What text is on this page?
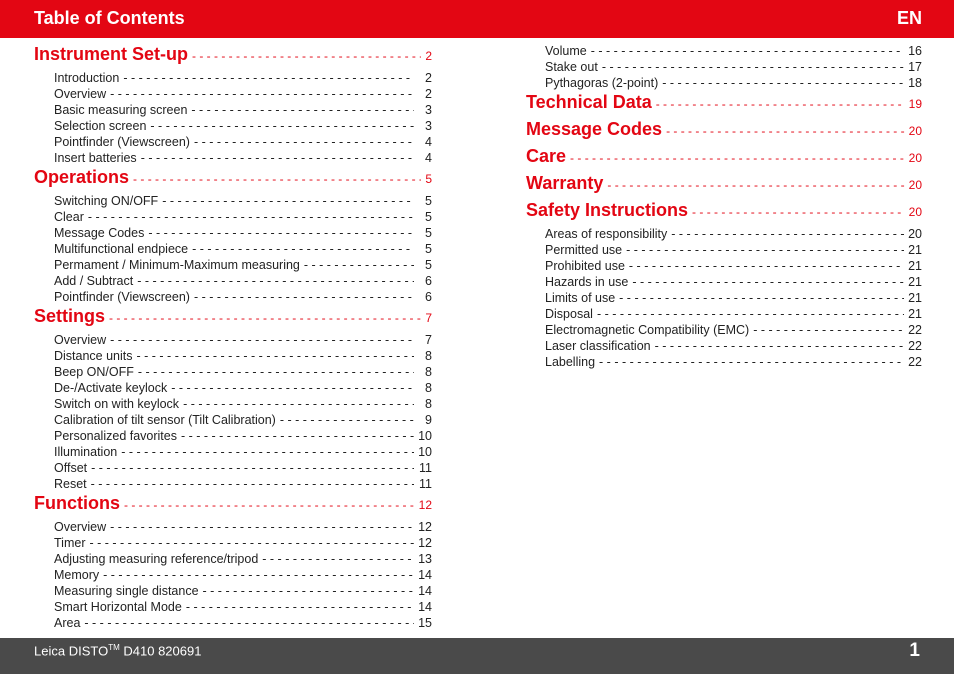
Table of Contents	EN
Instrument Set-up - - -	2
Introduction - - -	2
Overview - - -	2
Basic measuring screen - - -	3
Selection screen - - -	3
Pointfinder (Viewscreen) - - -	4
Insert batteries - - -	4
Operations - - -	5
Switching ON/OFF - - -	5
Clear - - -	5
Message Codes - - -	5
Multifunctional endpiece - - -	5
Permament / Minimum-Maximum measuring - - -	5
Add / Subtract - - -	6
Pointfinder (Viewscreen) - - -	6
Settings - - -	7
Overview - - -	7
Distance units - - -	8
Beep ON/OFF - - -	8
De-/Activate keylock - - -	8
Switch on with keylock - - -	8
Calibration of tilt sensor (Tilt Calibration) - - -	9
Personalized favorites - - -	10
Illumination - - -	10
Offset - - -	11
Reset - - -	11
Functions - - -	12
Overview - - -	12
Timer - - -	12
Adjusting measuring reference/tripod - - -	13
Memory - - -	14
Measuring single distance - - -	14
Smart Horizontal Mode - - -	14
Area - - -	15
Volume - - -	16
Stake out - - -	17
Pythagoras (2-point) - - -	18
Technical Data - - -	19
Message Codes - - -	20
Care - - -	20
Warranty - - -	20
Safety Instructions - - -	20
Areas of responsibility - - -	20
Permitted use - - -	21
Prohibited use - - -	21
Hazards in use - - -	21
Limits of use - - -	21
Disposal - - -	21
Electromagnetic Compatibility (EMC) - - -	22
Laser classification - - -	22
Labelling - - -	22
Leica DISTO™ D410 820691	1
